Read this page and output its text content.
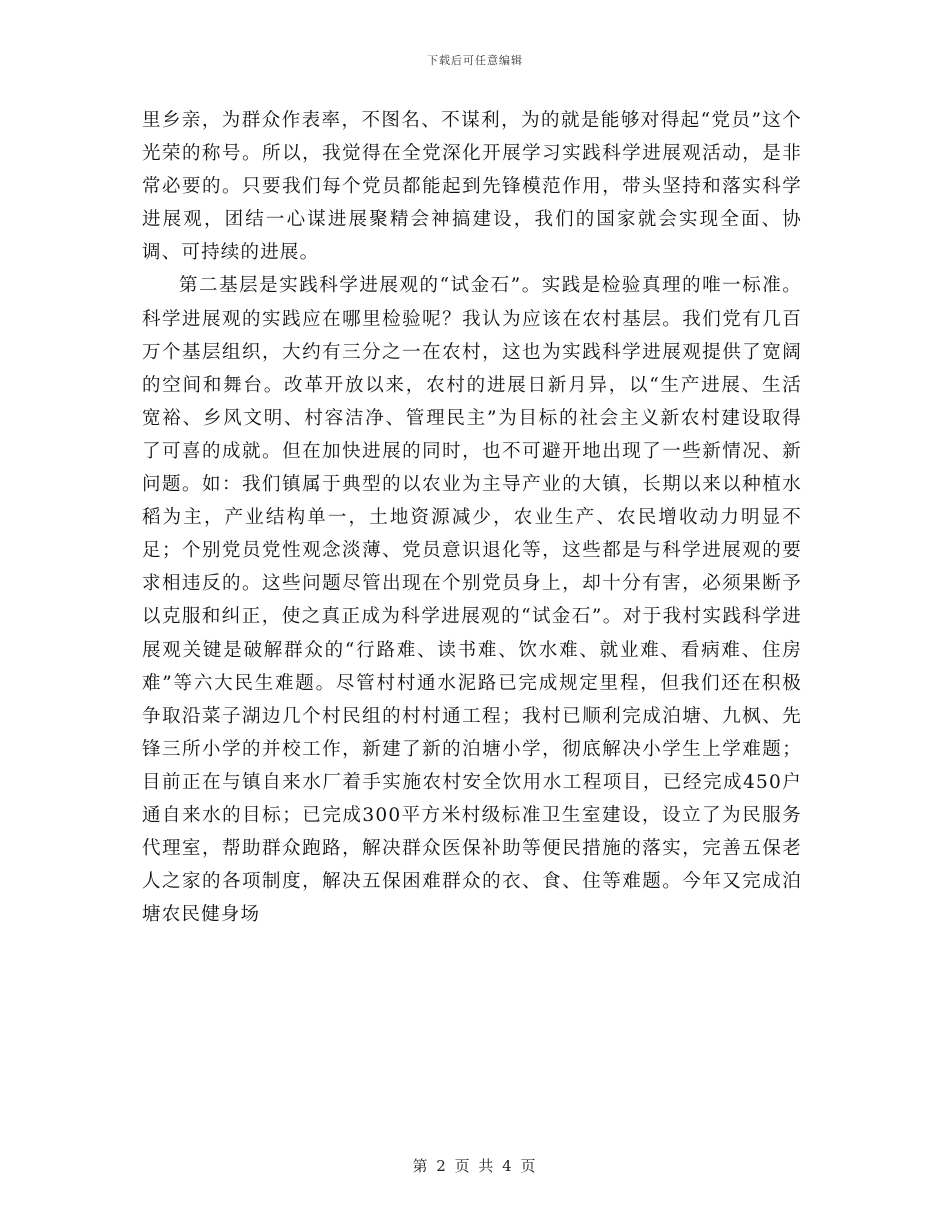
下载后可任意编辑

里乡亲，为群众作表率，不图名、不谋利，为的就是能够对得起“党员”这个光荣的称号。所以，我觉得在全党深化开展学习实践科学进展观活动，是非常必要的。只要我们每个党员都能起到先锋模范作用，带头坚持和落实科学进展观，团结一心谋进展聚精会神搞建设，我们的国家就会实现全面、协调、可持续的进展。

第二基层是实践科学进展观的“试金石”。实践是检验真理的唯一标准。科学进展观的实践应在哪里检验呢？我认为应该在农村基层。我们党有几百万个基层组织，大约有三分之一在农村，这也为实践科学进展观提供了宽阔的空间和舞台。改革开放以来，农村的进展日新月异，以“生产进展、生活宽裕、乡风文明、村容洁净、管理民主”为目标的社会主义新农村建设取得了可喜的成就。但在加快进展的同时，也不可避开地出现了一些新情况、新问题。如：我们镇属于典型的以农业为主导产业的大镇，长期以来以种植水稻为主，产业结构单一，土地资源减少，农业生产、农民增收动力明显不足；个别党员党性观念淡薄、党员意识退化等，这些都是与科学进展观的要求相违反的。这些问题尽管出现在个别党员身上，却十分有害，必须果断予以克服和纠正，使之真正成为科学进展观的“试金石”。对于我村实践科学进展观关键是破解群众的“行路难、读书难、饮水难、就业难、看病难、住房难”等六大民生难题。尽管村村通水泥路已完成规定里程，但我们还在积极争取沿菜子湖边几个村民组的村村通工程；我村已顺利完成泊塘、九枫、先锋三所小学的并校工作，新建了新的泊塘小学，彻底解决小学生上学难题；目前正在与镇自来水厂着手实施农村安全饮用水工程项目，已经完成450户通自来水的目标；已完成300平方米村级标准卫生室建设，设立了为民服务代理室，帮助群众跑路，解决群众医保补助等便民措施的落实，完善五保老人之家的各项制度，解决五保困难群众的衣、食、住等难题。今年又完成泊塘农民健身场

第 2 页 共 4 页
